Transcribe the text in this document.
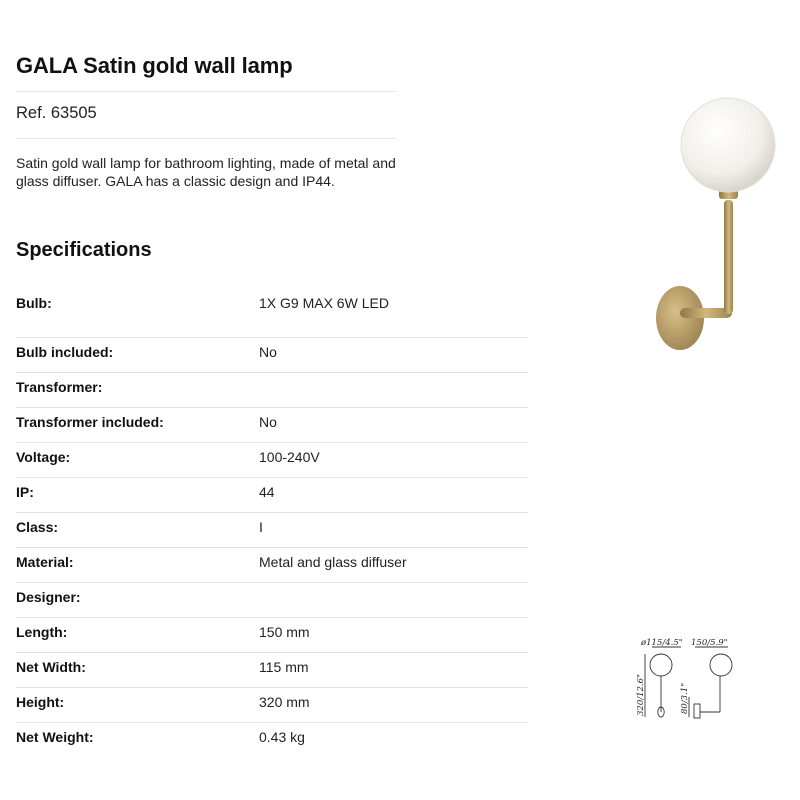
GALA Satin gold wall lamp
Ref. 63505

Satin gold wall lamp for bathroom lighting, made of metal and glass diffuser. GALA has a classic design and IP44.

Specifications
Bulb:	1X G9 MAX 6W LED
Bulb included:	No
Transformer:
Transformer included:	No
Voltage:	100-240V
IP:	44
Class:	I
Material:	Metal and glass diffuser
Designer:
Length:	150 mm
Net Width:	115 mm
Height:	320 mm
Net Weight:	0.43 kg
ø115/4.5" 150/5.9"
320/12.6"	80/3.1"
